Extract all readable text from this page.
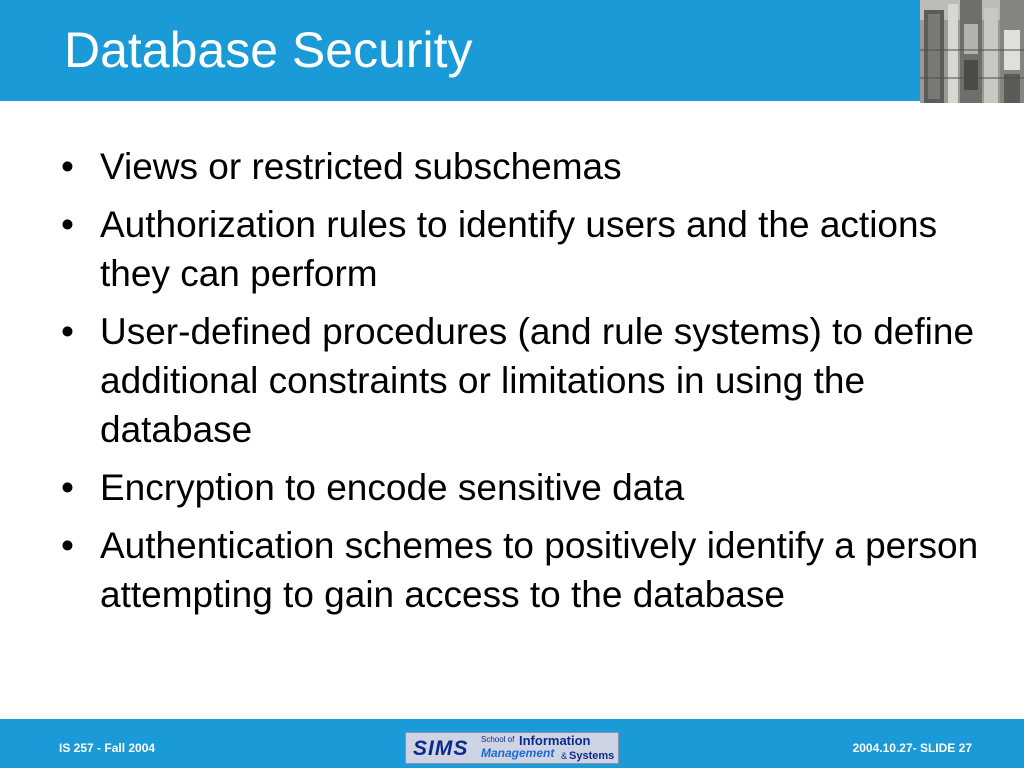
Database Security
• Views or restricted subschemas
• Authorization rules to identify users and the actions they can perform
• User-defined procedures (and rule systems) to define additional constraints or limitations in using the database
• Encryption to encode sensitive data
• Authentication schemes to positively identify a person attempting to gain access to the database
IS 257 - Fall 2004	SIMS School of Information
Management & Systems
2004.10.27- SLIDE 27
